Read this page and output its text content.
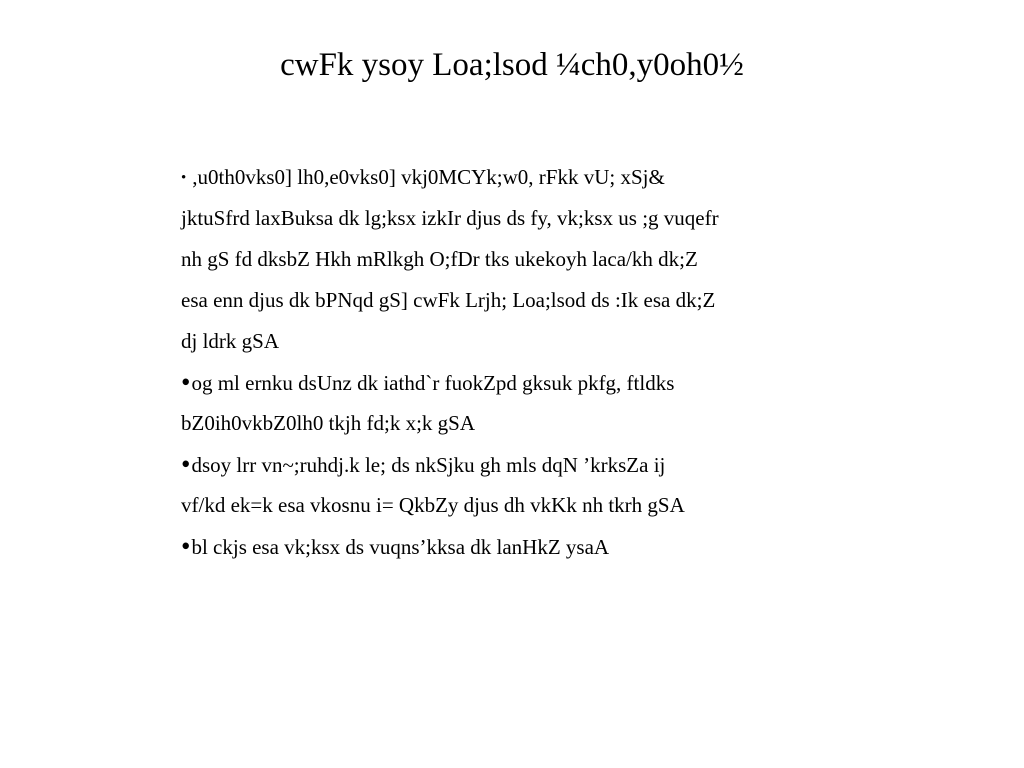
cwFk ysoy Loa;lsod ¼ch0,y0oh0½
• ,u0th0vks0] lh0,e0vks0] vkj0MCYk;w0, rFkk vU; xSj&
jktuSfrd laxBuksa dk lg;ksx izkIr djus ds fy, vk;ksx us ;g vuqefr
nh gS fd dksbZ Hkh mRlkgh O;fDr tks ukekoyh laca/kh dk;Z
esa enn djus dk bPNqd gS] cwFk Lrjh; Loa;lsod ds :Ik esa dk;Z
dj ldrk gSA
•og ml ernku dsUnz dk iathd`r fuokZpd gksuk pkfg, ftldks
bZ0ih0vkbZ0lh0 tkjh fd;k x;k gSA
•dsoy lrr vn~;ruhdj.k le; ds nkSjku gh mls dqN ’krksZa ij
vf/kd ek=k esa vkosnu i= QkbZy djus dh vkKk nh tkrh gSA
•bl ckjs esa vk;ksx ds vuqns’kksa dk lanHkZ ysaA
